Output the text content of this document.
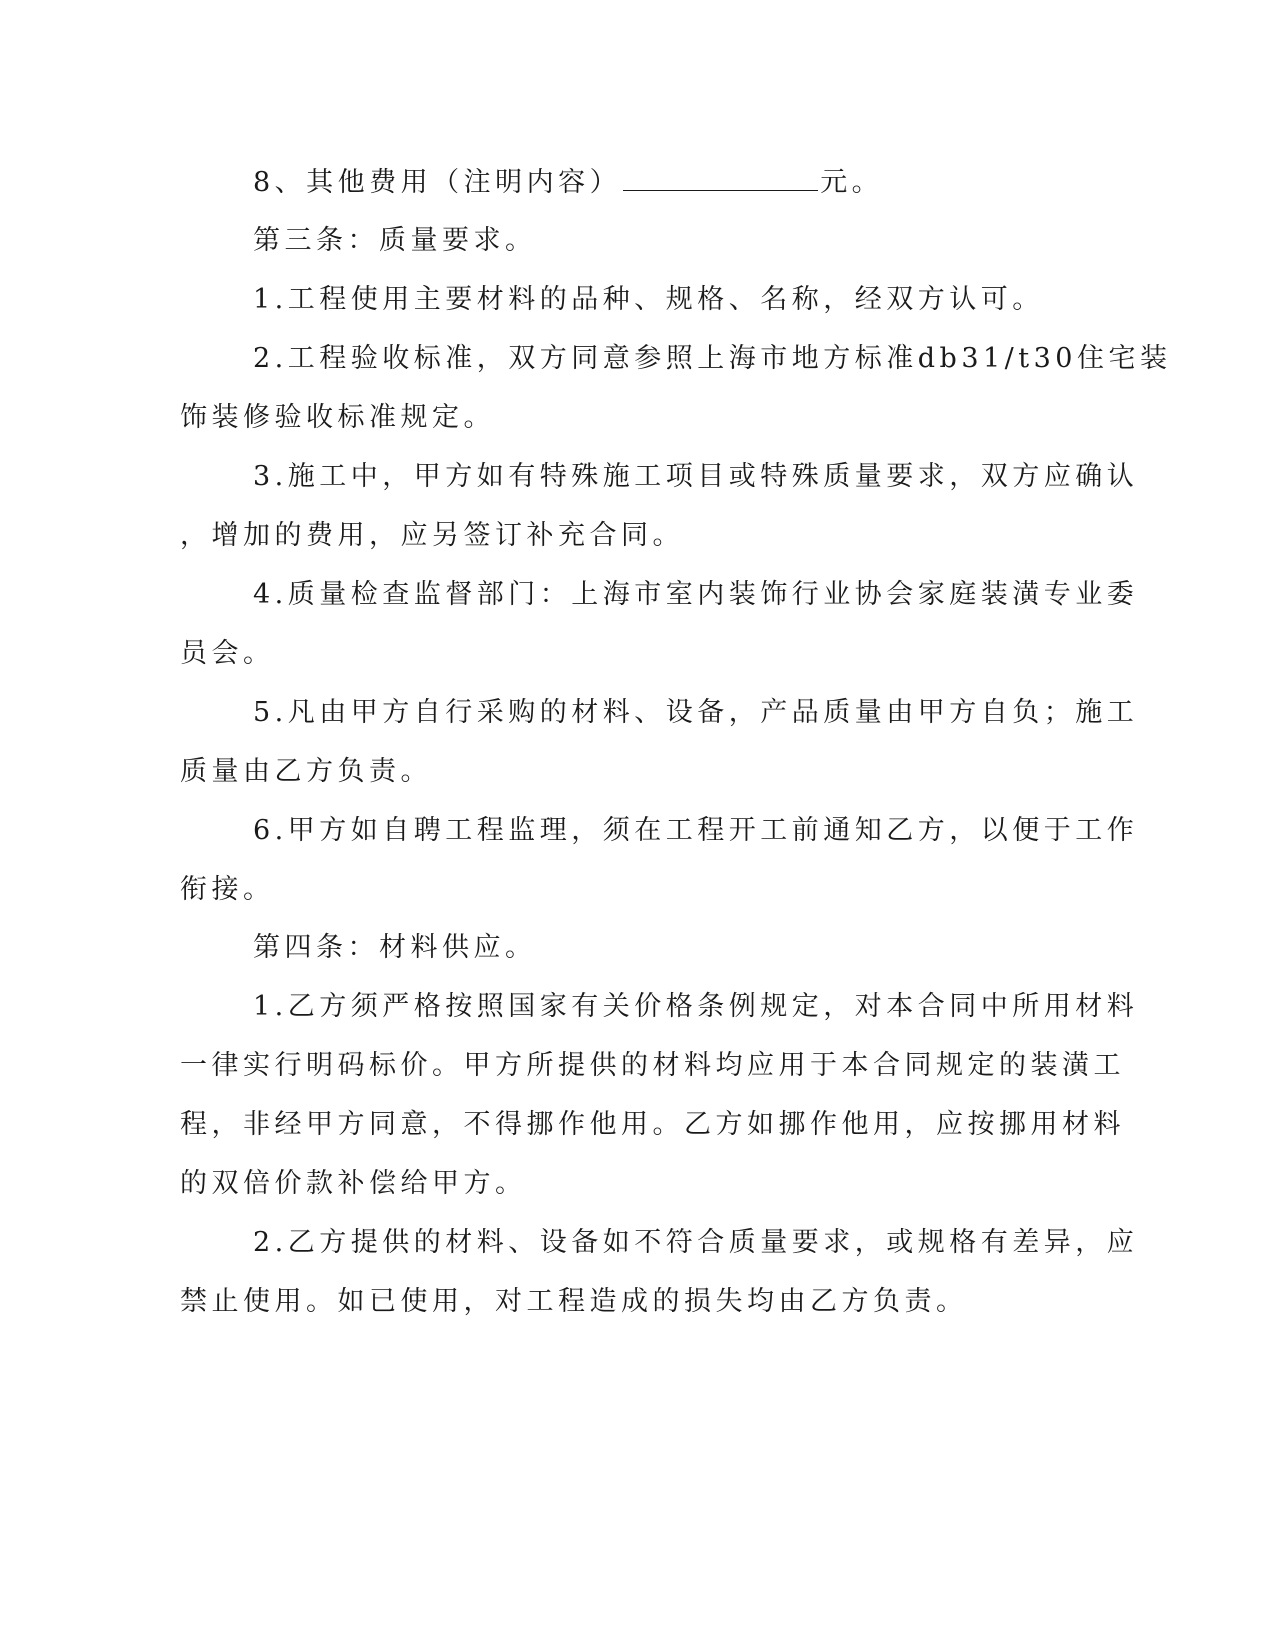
8、其他费用（注明内容）	元。
第三条：质量要求。
1.工程使用主要材料的品种、规格、名称，经双方认可。
2.工程验收标准，双方同意参照上海市地方标准db31/t30住宅装
饰装修验收标准规定。
3.施工中，甲方如有特殊施工项目或特殊质量要求，双方应确认
，增加的费用，应另签订补充合同。
4.质量检查监督部门：上海市室内装饰行业协会家庭装潢专业委
员会。
5.凡由甲方自行采购的材料、设备，产品质量由甲方自负；施工
质量由乙方负责。
6.甲方如自聘工程监理，须在工程开工前通知乙方，以便于工作
衔接。
第四条：材料供应。
1.乙方须严格按照国家有关价格条例规定，对本合同中所用材料
一律实行明码标价。甲方所提供的材料均应用于本合同规定的装潢工
程，非经甲方同意，不得挪作他用。乙方如挪作他用，应按挪用材料
的双倍价款补偿给甲方。
2.乙方提供的材料、设备如不符合质量要求，或规格有差异，应
禁止使用。如已使用，对工程造成的损失均由乙方负责。
